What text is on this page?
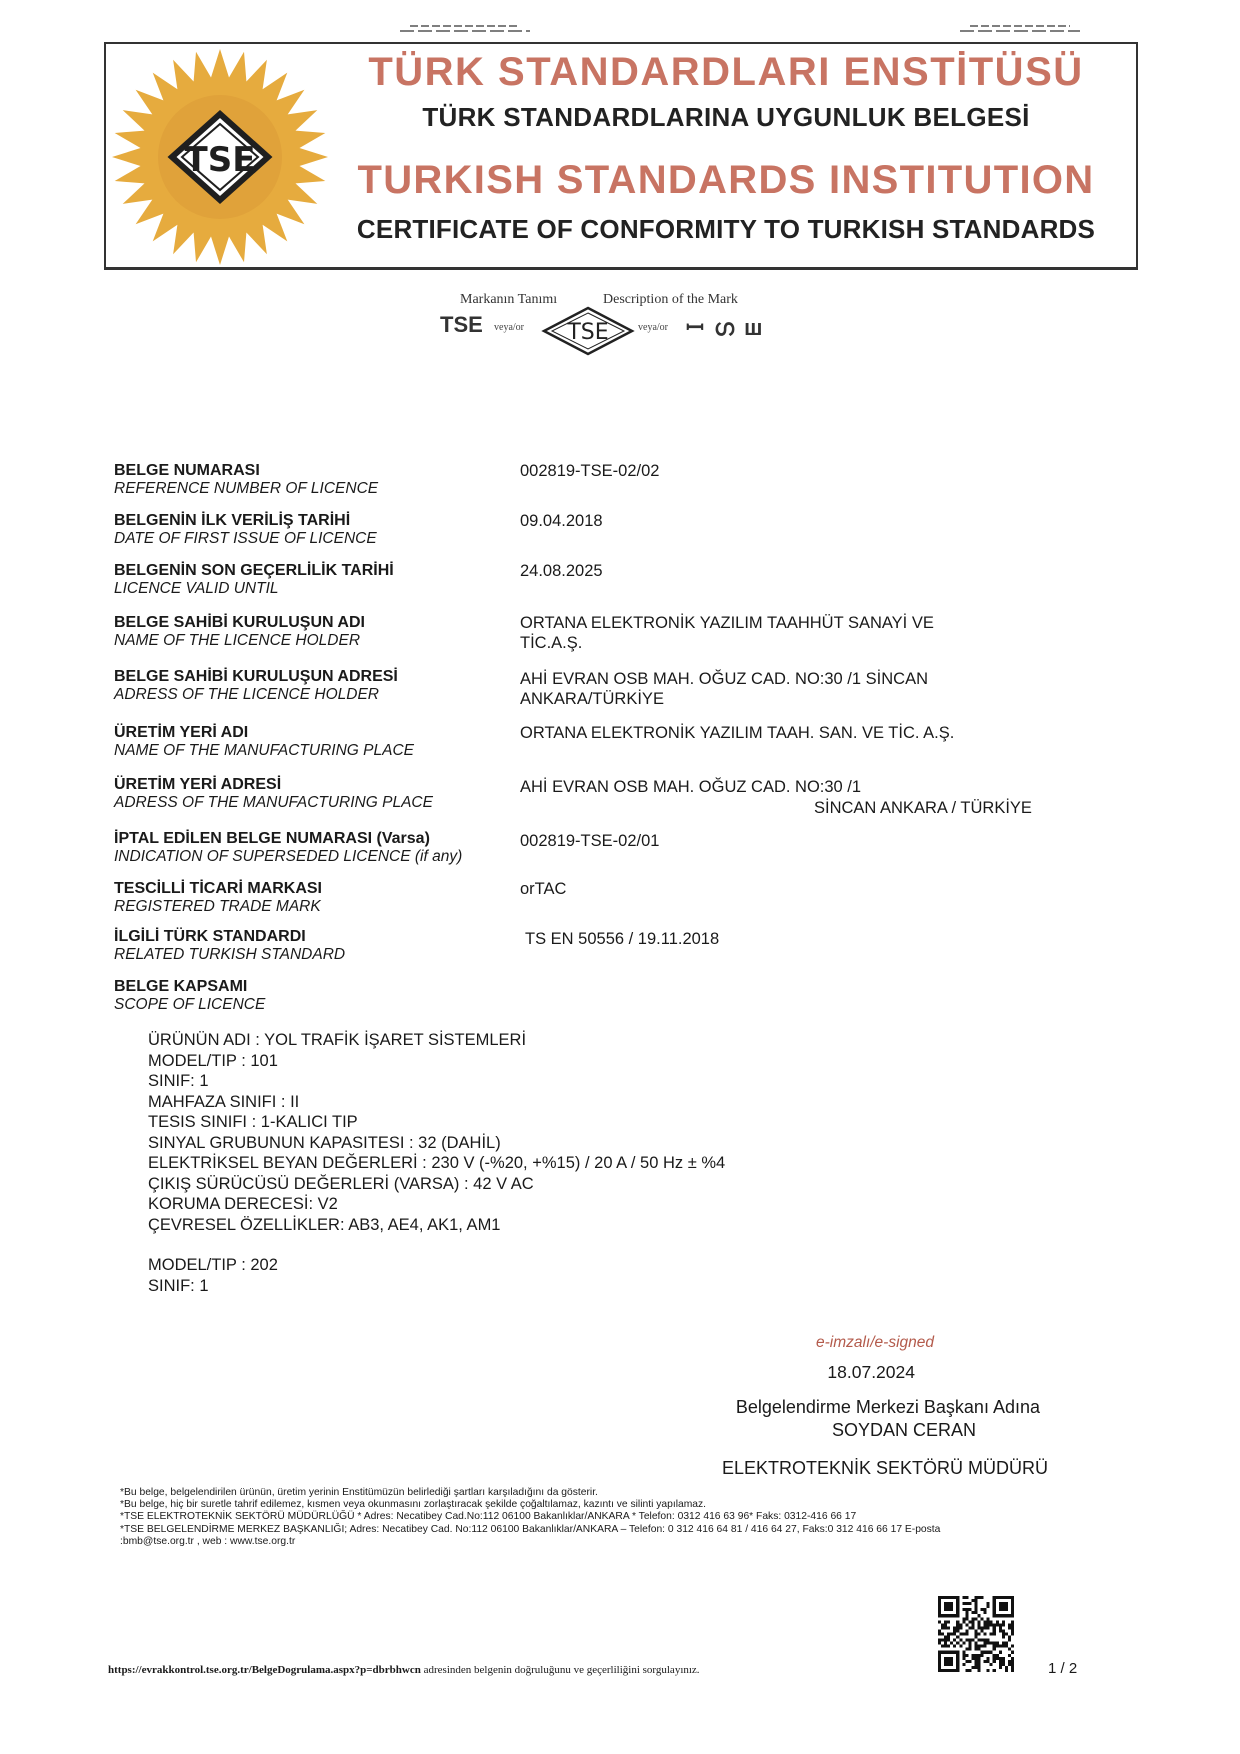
TSE
TÜRK STANDARDLARI ENSTİTÜSÜ
TÜRK STANDARDLARINA UYGUNLUK BELGESİ
TURKISH STANDARDS INSTITUTION
CERTIFICATE OF CONFORMITY TO TURKISH STANDARDS
Markanın Tanımı	Description of the Mark
TSE veya/or TSE	veya/or ꟷ ഗ ш
BELGE NUMARASI
REFERENCE NUMBER OF LICENCE
002819-TSE-02/02
BELGENİN İLK VERİLİŞ TARİHİ
DATE OF FIRST ISSUE OF LICENCE
09.04.2018
BELGENİN SON GEÇERLİLİK TARİHİ
LICENCE VALID UNTIL
24.08.2025
BELGE SAHİBİ KURULUŞUN ADI
NAME OF THE LICENCE HOLDER
ORTANA ELEKTRONİK YAZILIM TAAHHÜT SANAYİ VE
TİC.A.Ş.
BELGE SAHİBİ KURULUŞUN ADRESİ
ADRESS OF THE LICENCE HOLDER
AHİ EVRAN OSB MAH. OĞUZ CAD. NO:30 /1 SİNCAN
ANKARA/TÜRKİYE
ÜRETİM YERİ ADI
NAME OF THE MANUFACTURING PLACE
ORTANA ELEKTRONİK YAZILIM TAAH. SAN. VE TİC. A.Ş.
ÜRETİM YERİ ADRESİ
ADRESS OF THE MANUFACTURING PLACE
AHİ EVRAN OSB MAH. OĞUZ CAD. NO:30 /1
SİNCAN ANKARA / TÜRKİYE
İPTAL EDİLEN BELGE NUMARASI (Varsa)
INDICATION OF SUPERSEDED LICENCE (if any)
002819-TSE-02/01
TESCİLLİ TİCARİ MARKASI
REGISTERED TRADE MARK
orTAC
İLGİLİ TÜRK STANDARDI
RELATED TURKISH STANDARD
TS EN 50556 / 19.11.2018
BELGE KAPSAMI
SCOPE OF LICENCE
ÜRÜNÜN ADI : YOL TRAFİK İŞARET SİSTEMLERİ
MODEL/TIP : 101
SINIF: 1
MAHFAZA SINIFI : II
TESIS SINIFI : 1-KALICI TIP
SINYAL GRUBUNUN KAPASITESI : 32 (DAHİL)
ELEKTRİKSEL BEYAN DEĞERLERİ : 230 V (-%20, +%15) / 20 A / 50 Hz ± %4
ÇIKIŞ SÜRÜCÜSÜ DEĞERLERİ (VARSA) : 42 V AC
KORUMA DERECESİ: V2
ÇEVRESEL ÖZELLİKLER: AB3, AE4, AK1, AM1
MODEL/TIP : 202
SINIF: 1
e-imzalı/e-signed
18.07.2024
Belgelendirme Merkezi Başkanı Adına
SOYDAN CERAN
ELEKTROTEKNİK SEKTÖRÜ MÜDÜRÜ
*Bu belge, belgelendirilen ürünün, üretim yerinin Enstitümüzün belirlediği şartları karşıladığını da gösterir.
*Bu belge, hiç bir suretle tahrif edilemez, kısmen veya okunmasını zorlaştıracak şekilde çoğaltılamaz, kazıntı ve silinti yapılamaz.
*TSE ELEKTROTEKNİK SEKTÖRÜ MÜDÜRLÜĞÜ * Adres: Necatibey Cad.No:112 06100 Bakanlıklar/ANKARA * Telefon: 0312 416 63 96* Faks: 0312-416 66 17
*TSE BELGELENDİRME MERKEZ BAŞKANLIĞI; Adres: Necatibey Cad. No:112 06100 Bakanlıklar/ANKARA – Telefon: 0 312 416 64 81 / 416 64 27, Faks:0 312 416 66 17 E-posta
:bmb@tse.org.tr , web : www.tse.org.tr
https://evrakkontrol.tse.org.tr/BelgeDogrulama.aspx?p=dbrbhwcn adresinden belgenin doğruluğunu ve geçerliliğini sorgulayınız.	1 / 2
